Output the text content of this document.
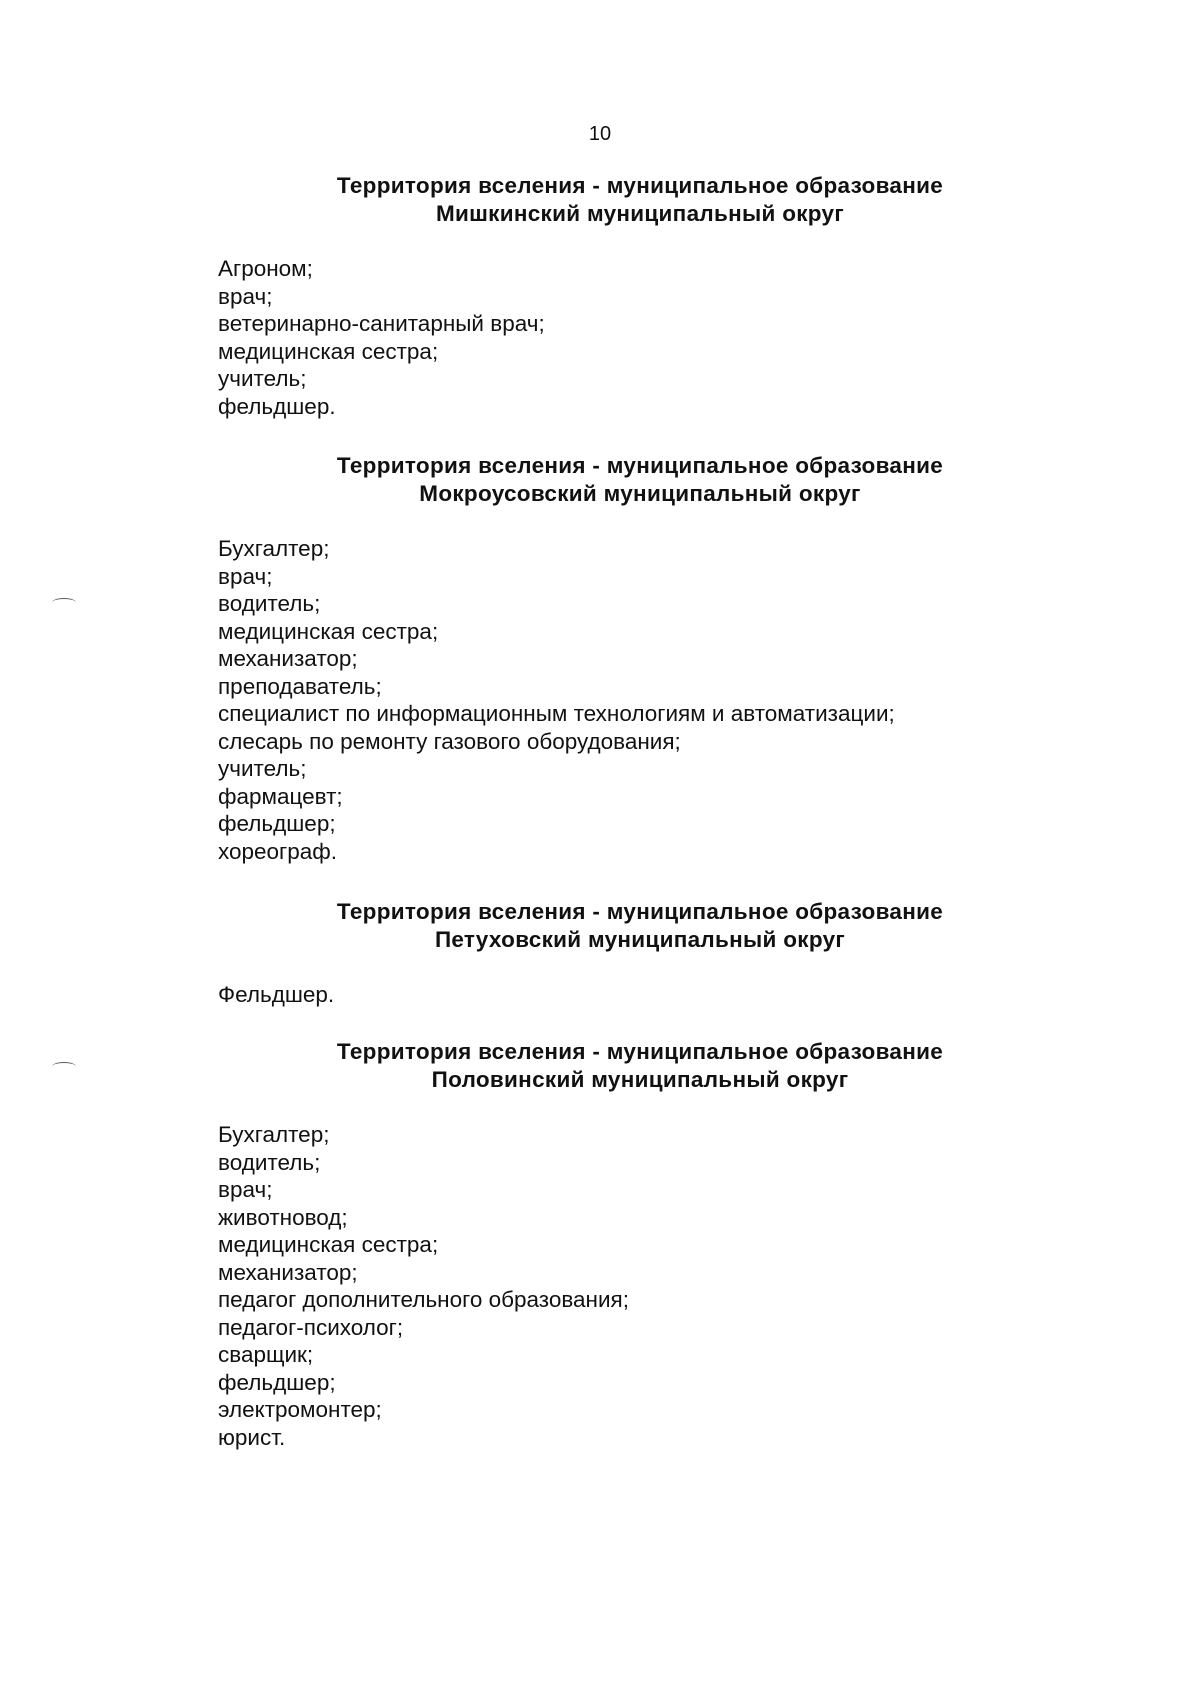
10
Территория вселения - муниципальное образование
Мишкинский муниципальный округ
Агроном;
врач;
ветеринарно-санитарный врач;
медицинская сестра;
учитель;
фельдшер.
Территория вселения - муниципальное образование
Мокроусовский муниципальный округ
Бухгалтер;
врач;
водитель;
медицинская сестра;
механизатор;
преподаватель;
специалист по информационным технологиям и автоматизации;
слесарь по ремонту газового оборудования;
учитель;
фармацевт;
фельдшер;
хореограф.
Территория вселения - муниципальное образование
Петуховский муниципальный округ
Фельдшер.
Территория вселения - муниципальное образование
Половинский муниципальный округ
Бухгалтер;
водитель;
врач;
животновод;
медицинская сестра;
механизатор;
педагог дополнительного образования;
педагог-психолог;
сварщик;
фельдшер;
электромонтер;
юрист.
